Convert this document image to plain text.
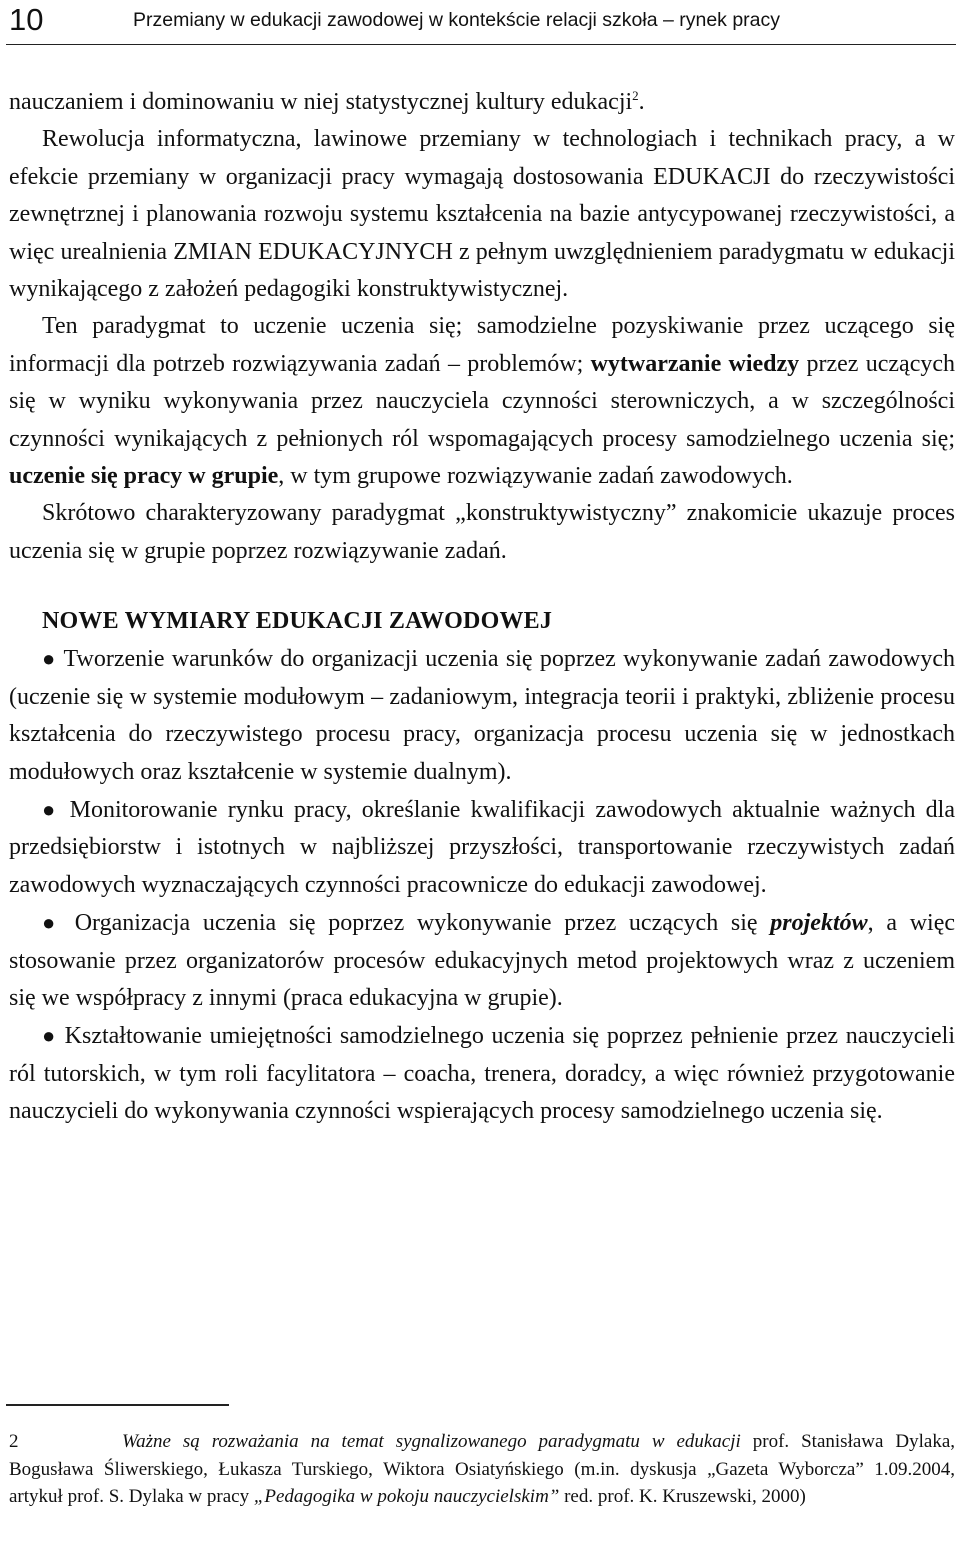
10	Przemiany w edukacji zawodowej w kontekście relacji szkoła – rynek pracy

nauczaniem i dominowaniu w niej statystycznej kultury edukacji$^2$.

Rewolucja informatyczna, lawinowe przemiany w technologiach i technikach pracy, a w efekcie przemiany w organizacji pracy wymagają dostosowania EDUKACJI do rzeczywistości zewnętrznej i planowania rozwoju systemu kształcenia na bazie antycypowanej rzeczywistości, a więc urealnienia ZMIAN EDUKACYJNYCH z pełnym uwzględnieniem paradygmatu w edukacji wynikającego z założeń pedagogiki konstruktywistycznej.

Ten paradygmat to uczenie uczenia się; samodzielne pozyskiwanie przez uczącego się informacji dla potrzeb rozwiązywania zadań – problemów; wytwarzanie wiedzy przez uczących się w wyniku wykonywania przez nauczyciela czynności sterowniczych, a w szczególności czynności wynikających z pełnionych ról wspomagających procesy samodzielnego uczenia się; uczenie się pracy w grupie, w tym grupowe rozwiązywanie zadań zawodowych.

Skrótowo charakteryzowany paradygmat „konstruktywistyczny” znakomicie ukazuje proces uczenia się w grupie poprzez rozwiązywanie zadań.

NOWE WYMIARY EDUKACJI ZAWODOWEJ

● Tworzenie warunków do organizacji uczenia się poprzez wykonywanie zadań zawodowych (uczenie się w systemie modułowym – zadaniowym, integracja teorii i praktyki, zbliżenie procesu kształcenia do rzeczywistego procesu pracy, organizacja procesu uczenia się w jednostkach modułowych oraz kształcenie w systemie dualnym).

● Monitorowanie rynku pracy, określanie kwalifikacji zawodowych aktualnie ważnych dla przedsiębiorstw i istotnych w najbliższej przyszłości, transportowanie rzeczywistych zadań zawodowych wyznaczających czynności pracownicze do edukacji zawodowej.

● Organizacja uczenia się poprzez wykonywanie przez uczących się projektów, a więc stosowanie przez organizatorów procesów edukacyjnych metod projektowych wraz z uczeniem się we współpracy z innymi (praca edukacyjna w grupie).

● Kształtowanie umiejętności samodzielnego uczenia się poprzez pełnienie przez nauczycieli ról tutorskich, w tym roli facylitatora – coacha, trenera, doradcy, a więc również przygotowanie nauczycieli do wykonywania czynności wspierających procesy samodzielnego uczenia się.

2	Ważne są rozważania na temat sygnalizowanego paradygmatu w edukacji prof. Stanisława Dylaka, Bogusława Śliwerskiego, Łukasza Turskiego, Wiktora Osiatyńskiego (m.in. dyskusja „Gazeta Wyborcza” 1.09.2004, artykuł prof. S. Dylaka w pracy „Pedagogika w pokoju nauczycielskim” red. prof. K. Kruszewski, 2000)
